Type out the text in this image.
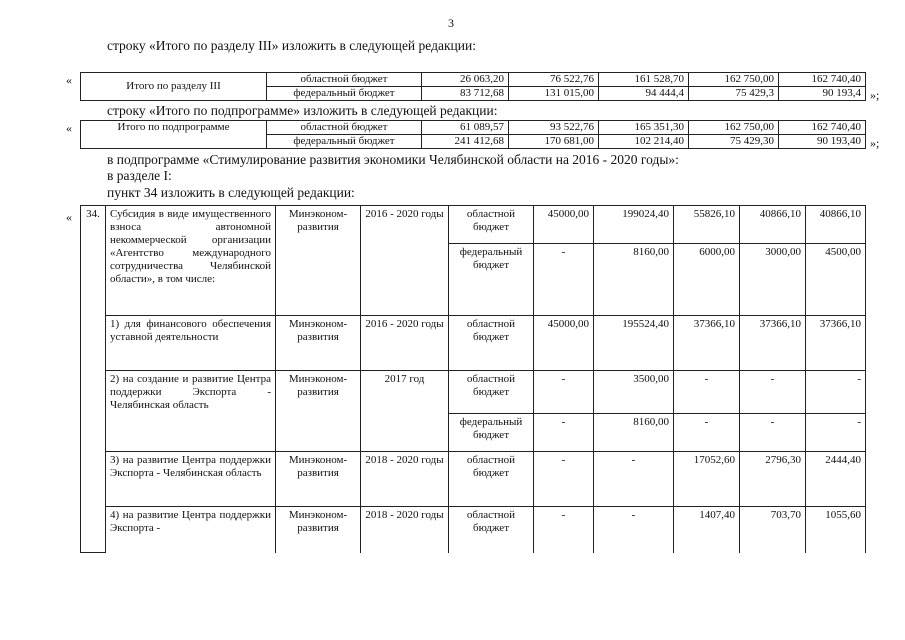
3
строку «Итого по разделу III» изложить в следующей редакции:
«	Итого по разделу III	областной бюджет	26 063,20	76 522,76	161 528,70	162 750,00	162 740,40
	федеральный бюджет	83 712,68	131 015,00	94 444,4	75 429,3	90 193,4 »;
строку «Итого по подпрограмме» изложить в следующей редакции:
«	Итого по подпрограмме	областной бюджет	61 089,57	93 522,76	165 351,30	162 750,00	162 740,40
	федеральный бюджет	241 412,68	170 681,00	102 214,40	75 429,30	90 193,40 »;
в подпрограмме «Стимулирование развития экономики Челябинской области на 2016 - 2020 годы»:
в разделе I:
пункт 34 изложить в следующей редакции:
« 34.	Субсидия в виде имущественного взноса автономной некоммерческой организации «Агентство международного сотрудничества Челябинской области», в том числе:	Минэконом-развития	2016 - 2020 годы	областной бюджет	45000,00	199024,40	55826,10	40866,10	40866,10
				федеральный бюджет	-	8160,00	6000,00	3000,00	4500,00
	1) для финансового обеспечения уставной деятельности	Минэконом-развития	2016 - 2020 годы	областной бюджет	45000,00	195524,40	37366,10	37366,10	37366,10
	2) на создание и развитие Центра поддержки Экспорта - Челябинская область	Минэконом-развития	2017 год	областной бюджет	-	3500,00	-	-	-
				федеральный бюджет	-	8160,00	-	-	-
	3) на развитие Центра поддержки Экспорта - Челябинская область	Минэконом-развития	2018 - 2020 годы	областной бюджет	-	-	17052,60	2796,30	2444,40
	4) на развитие Центра поддержки Экспорта -	Минэконом-развития	2018 - 2020 годы	областной бюджет	-	-	1407,40	703,70	1055,60
